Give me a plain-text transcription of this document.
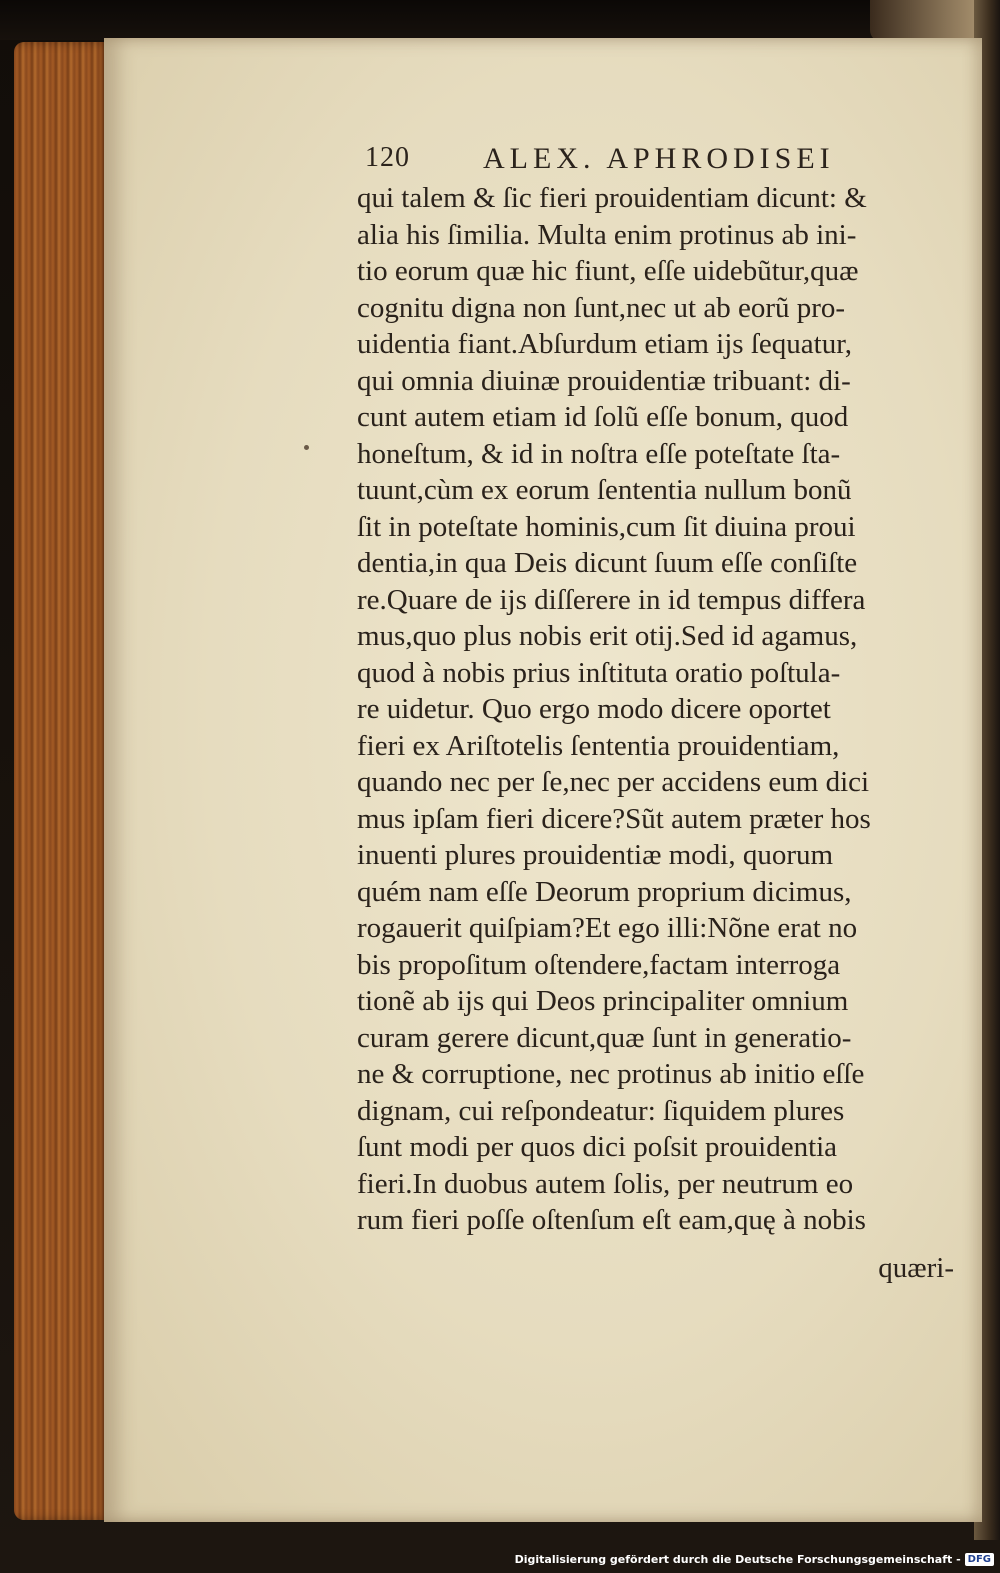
120 ALEX. APHRODISEI
qui talem & ſic fieri prouidentiam dicunt: &
alia his ſimilia. Multa enim protinus ab ini-
tio eorum quæ hic fiunt, eſſe uidebũtur,quæ
cognitu digna non ſunt,nec ut ab eorũ pro-
uidentia fiant.Abſurdum etiam ijs ſequatur,
qui omnia diuinæ prouidentiæ tribuant: di-
cunt autem etiam id ſolũ eſſe bonum, quod
honeſtum, & id in noſtra eſſe poteſtate ſta-
tuunt,cùm ex eorum ſententia nullum bonũ
ſit in poteſtate hominis,cum ſit diuina proui
dentia,in qua Deis dicunt ſuum eſſe conſiſte
re.Quare de ijs diſſerere in id tempus differa
mus,quo plus nobis erit otij.Sed id agamus,
quod à nobis prius inſtituta oratio poſtula-
re uidetur. Quo ergo modo dicere oportet
fieri ex Ariſtotelis ſententia prouidentiam,
quando nec per ſe,nec per accidens eum dici
mus ipſam fieri dicere?Sũt autem præter hos
inuenti plures prouidentiæ modi, quorum
quém nam eſſe Deorum proprium dicimus,
rogauerit quiſpiam?Et ego illi:Nõne erat no
bis propoſitum oſtendere,factam interroga
tionẽ ab ijs qui Deos principaliter omnium
curam gerere dicunt,quæ ſunt in generatio-
ne & corruptione, nec protinus ab initio eſſe
dignam, cui reſpondeatur: ſiquidem plures
ſunt modi per quos dici poſsit prouidentia
fieri.In duobus autem ſolis, per neutrum eo
rum fieri poſſe oſtenſum eſt eam,quę à nobis
quæri-
Digitalisierung gefördert durch die Deutsche Forschungsgemeinschaft - DFG
